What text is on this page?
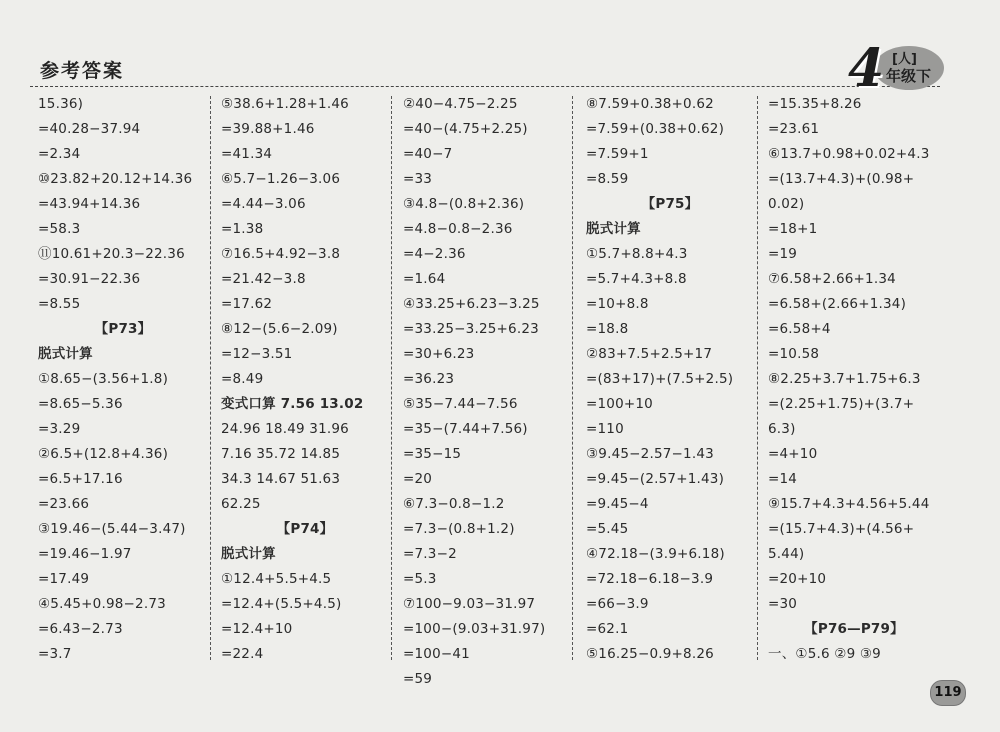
参考答案	4 [人]
年级下
15.36)
=40.28−37.94
=2.34
⑩23.82+20.12+14.36
=43.94+14.36
=58.3
⑪10.61+20.3−22.36
=30.91−22.36
=8.55
【P73】
脱式计算
①8.65−(3.56+1.8)
=8.65−5.36
=3.29
②6.5+(12.8+4.36)
=6.5+17.16
=23.66
③19.46−(5.44−3.47)
=19.46−1.97
=17.49
④5.45+0.98−2.73
=6.43−2.73
=3.7
⑤38.6+1.28+1.46
=39.88+1.46
=41.34
⑥5.7−1.26−3.06
=4.44−3.06
=1.38
⑦16.5+4.92−3.8
=21.42−3.8
=17.62
⑧12−(5.6−2.09)
=12−3.51
=8.49
变式口算 7.56 13.02
24.96 18.49 31.96
7.16 35.72 14.85
34.3 14.67 51.63
62.25
【P74】
脱式计算
①12.4+5.5+4.5
=12.4+(5.5+4.5)
=12.4+10
=22.4
②40−4.75−2.25
=40−(4.75+2.25)
=40−7
=33
③4.8−(0.8+2.36)
=4.8−0.8−2.36
=4−2.36
=1.64
④33.25+6.23−3.25
=33.25−3.25+6.23
=30+6.23
=36.23
⑤35−7.44−7.56
=35−(7.44+7.56)
=35−15
=20
⑥7.3−0.8−1.2
=7.3−(0.8+1.2)
=7.3−2
=5.3
⑦100−9.03−31.97
=100−(9.03+31.97)
=100−41
=59
⑧7.59+0.38+0.62
=7.59+(0.38+0.62)
=7.59+1
=8.59
【P75】
脱式计算
①5.7+8.8+4.3
=5.7+4.3+8.8
=10+8.8
=18.8
②83+7.5+2.5+17
=(83+17)+(7.5+2.5)
=100+10
=110
③9.45−2.57−1.43
=9.45−(2.57+1.43)
=9.45−4
=5.45
④72.18−(3.9+6.18)
=72.18−6.18−3.9
=66−3.9
=62.1
⑤16.25−0.9+8.26
=15.35+8.26
=23.61
⑥13.7+0.98+0.02+4.3
=(13.7+4.3)+(0.98+
0.02)
=18+1
=19
⑦6.58+2.66+1.34
=6.58+(2.66+1.34)
=6.58+4
=10.58
⑧2.25+3.7+1.75+6.3
=(2.25+1.75)+(3.7+
6.3)
=4+10
=14
⑨15.7+4.3+4.56+5.44
=(15.7+4.3)+(4.56+
5.44)
=20+10
=30
【P76—P79】
一、①5.6 ②9 ③9
119
